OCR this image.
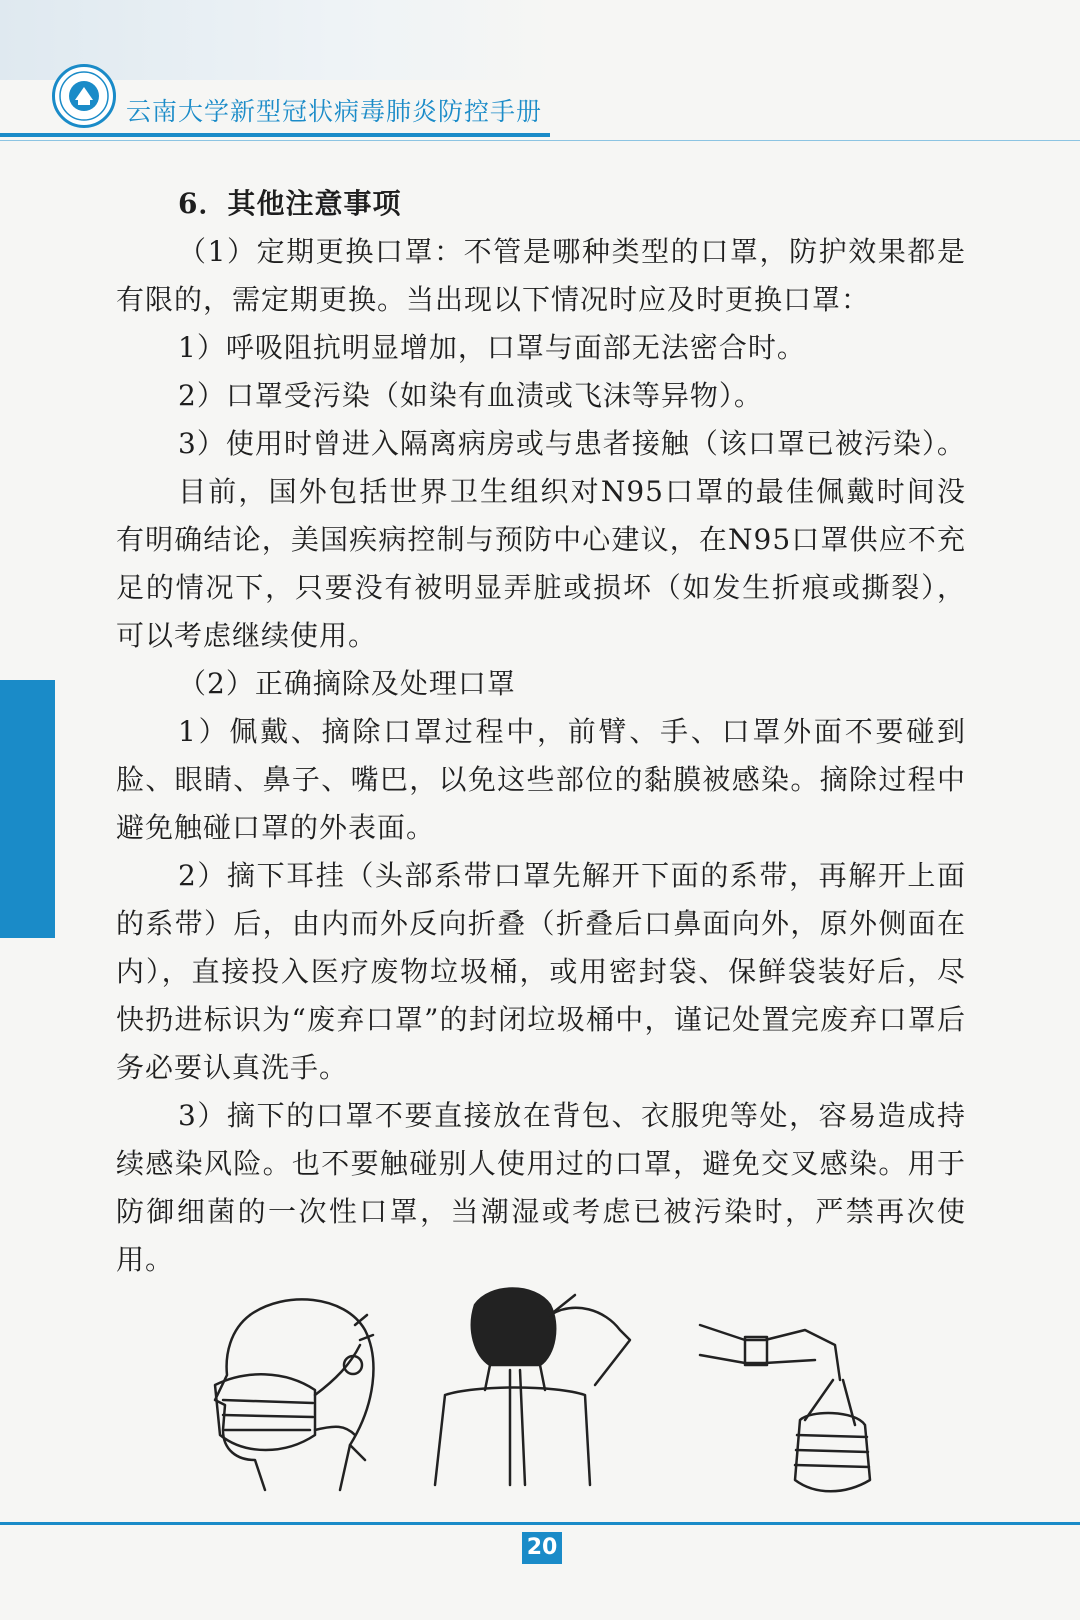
云南大学新型冠状病毒肺炎防控手册

6．其他注意事项

（1）定期更换口罩：不管是哪种类型的口罩，防护效果都是有限的，需定期更换。当出现以下情况时应及时更换口罩：

1）呼吸阻抗明显增加，口罩与面部无法密合时。

2）口罩受污染（如染有血渍或飞沫等异物）。

3）使用时曾进入隔离病房或与患者接触（该口罩已被污染）。

目前，国外包括世界卫生组织对N95口罩的最佳佩戴时间没有明确结论，美国疾病控制与预防中心建议，在N95口罩供应不充足的情况下，只要没有被明显弄脏或损坏（如发生折痕或撕裂），可以考虑继续使用。

（2）正确摘除及处理口罩

1）佩戴、摘除口罩过程中，前臂、手、口罩外面不要碰到脸、眼睛、鼻子、嘴巴，以免这些部位的黏膜被感染。摘除过程中避免触碰口罩的外表面。

2）摘下耳挂（头部系带口罩先解开下面的系带，再解开上面的系带）后，由内而外反向折叠（折叠后口鼻面向外，原外侧面在内），直接投入医疗废物垃圾桶，或用密封袋、保鲜袋装好后，尽快扔进标识为“废弃口罩”的封闭垃圾桶中，谨记处置完废弃口罩后务必要认真洗手。

3）摘下的口罩不要直接放在背包、衣服兜等处，容易造成持续感染风险。也不要触碰别人使用过的口罩，避免交叉感染。用于防御细菌的一次性口罩，当潮湿或考虑已被污染时，严禁再次使用。

20
